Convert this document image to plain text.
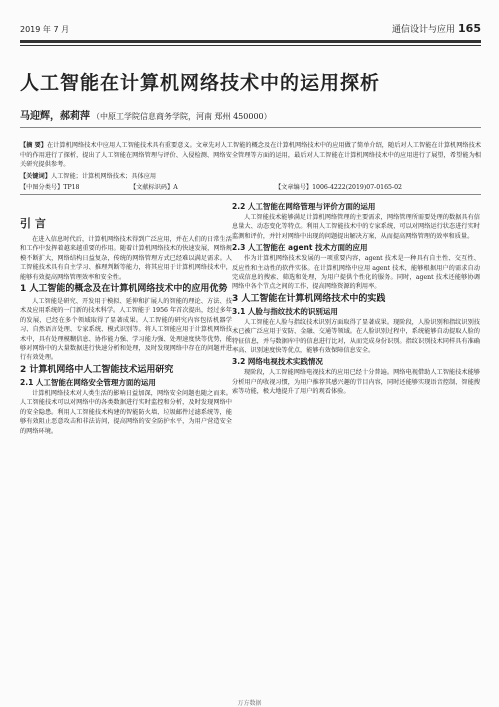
2019 年 7 月	通信设计与应用 165
人工智能在计算机网络技术中的运用探析
马迎辉，郝莉萍 （中原工学院信息商务学院，河南 郑州 450000）
【摘 要】在计算机网络技术中应用人工智能技术具有重要意义。文章先对人工智能的概念及在计算机网络技术中的应用做了简单介绍，随后对人工智能在计算机网络技术中的作用进行了探析，提出了人工智能在网络管理与评价、入侵检测、网络安全管理等方面的运用，最后对人工智能在计算机网络技术中的应用进行了展望，希望能为相关研究提供参考。
【关键词】人工智能；计算机网络技术；具体应用
【中图分类号】TP18	【文献标识码】A	【文章编号】1006-4222(2019)07-0165-02
引 言

在进入信息时代后，计算机网络技术得到广泛应用，并在人们的日常生活和工作中发挥着越来越重要的作用。随着计算机网络技术的快速发展，网络规模不断扩大，网络结构日益复杂，传统的网络管理方式已经难以满足需求。人工智能技术具有自主学习、推理判断等能力，将其应用于计算机网络技术中，能够有效提高网络管理效率和安全性。

1 人工智能的概念及在计算机网络技术中的应用优势

人工智能是研究、开发用于模拟、延伸和扩展人的智能的理论、方法、技术及应用系统的一门新的技术科学。人工智能于 1956 年首次提出，经过多年的发展，已经在多个领域取得了显著成果。人工智能的研究内容包括机器学习、自然语言处理、专家系统、模式识别等。将人工智能应用于计算机网络技术中，具有处理模糊信息、协作能力强、学习能力强、处理速度快等优势，能够对网络中的大量数据进行快速分析和处理，及时发现网络中存在的问题并进行有效处理。

2 计算机网络中人工智能技术运用研究
2.1 人工智能在网络安全管理方面的运用

计算机网络技术对人类生活的影响日益加深，网络安全问题也随之而来。人工智能技术可以对网络中的各类数据进行实时监控和分析，及时发现网络中的安全隐患。利用人工智能技术构建的智能防火墙、垃圾邮件过滤系统等，能够有效阻止恶意攻击和非法访问，提高网络的安全防护水平，为用户营造安全的网络环境。

2.2 人工智能在网络管理与评价方面的运用

人工智能技术能够满足计算机网络管理的主要需求，网络管理所需要处理的数据具有信息量大、动态变化等特点。利用人工智能技术中的专家系统，可以对网络运行状态进行实时监测和评价，并针对网络中出现的问题提出解决方案，从而提高网络管理的效率和质量。

2.3 人工智能在 agent 技术方面的应用

作为计算机网络技术发展的一项重要内容，agent 技术是一种具有自主性、交互性、反应性和主动性的软件实体。在计算机网络中应用 agent 技术，能够根据用户的需求自动完成信息的搜索、筛选和处理，为用户提供个性化的服务。同时，agent 技术还能够协调网络中各个节点之间的工作，提高网络资源的利用率。

3 人工智能在计算机网络技术中的实践
3.1 人脸与指纹技术的识别运用

人工智能在人脸与指纹技术识别方面取得了显著成果。现阶段，人脸识别和指纹识别技术已被广泛应用于安防、金融、交通等领域。在人脸识别过程中，系统能够自动提取人脸的特征信息，并与数据库中的信息进行比对，从而完成身份识别。指纹识别技术同样具有准确率高、识别速度快等优点，能够有效保障信息安全。

3.2 网络电视技术实践情况

现阶段，人工智能网络电视技术的应用已经十分普遍。网络电视借助人工智能技术能够分析用户的收视习惯，为用户推荐其感兴趣的节目内容，同时还能够实现语音控制、智能搜索等功能，极大地提升了用户的观看体验。

万方数据
